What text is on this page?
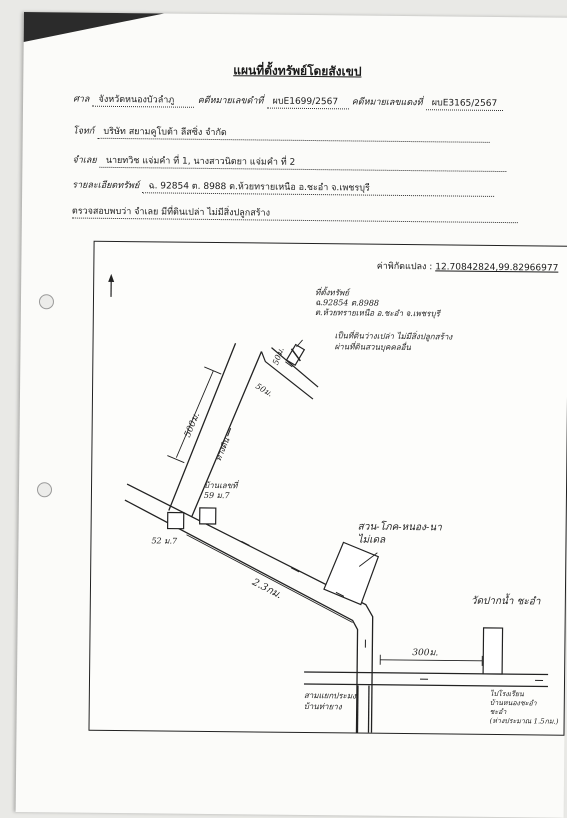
แผนที่ตั้งทรัพย์โดยสังเขป
ศาล จังหวัดหนองบัวลำภู	คดีหมายเลขดำที่ ผบE1699/2567 คดีหมายเลขแดงที่ ผบE3165/2567
โจทก์ บริษัท สยามคูโบต้า ลีสซิ่ง จำกัด
จำเลย นายทวิช แจ่มคำ ที่ 1, นางสาวนิตยา แจ่มคำ ที่ 2
รายละเอียดทรัพย์ ฉ. 92854 ต. 8988 ต.ห้วยทรายเหนือ อ.ชะอำ จ.เพชรบุรี
ตรวจสอบพบว่า จำเลย มีที่ดินเปล่า ไม่มีสิ่งปลูกสร้าง
ค่าพิกัดแปลง : 12.70842824,99.82966977
ที่ตั้งทรัพย์
ฉ.92854 ต.8988
ต.ห้วยทรายเหนือ อ.ชะอำ จ.เพชรบุรี
เป็นที่ดินว่างเปล่า ไม่มีสิ่งปลูกสร้าง
ผ่านที่ดินสวนบุคคลอื่น
50ม.
50ม.
500ม.
ทางดิน
บ้านเลขที่
59 ม.7
52 ม.7
สวน-โภค-หนอง-นา
ไม่เดล
2.3กม.
วัดปากน้ำ ชะอำ
300ม.
สามแยกประมง
บ้านท่ายาง
ไปโรงเรียน
บ้านหนองชะอำ
ชะอำ
(ห่างประมาณ 1.5กม.)
